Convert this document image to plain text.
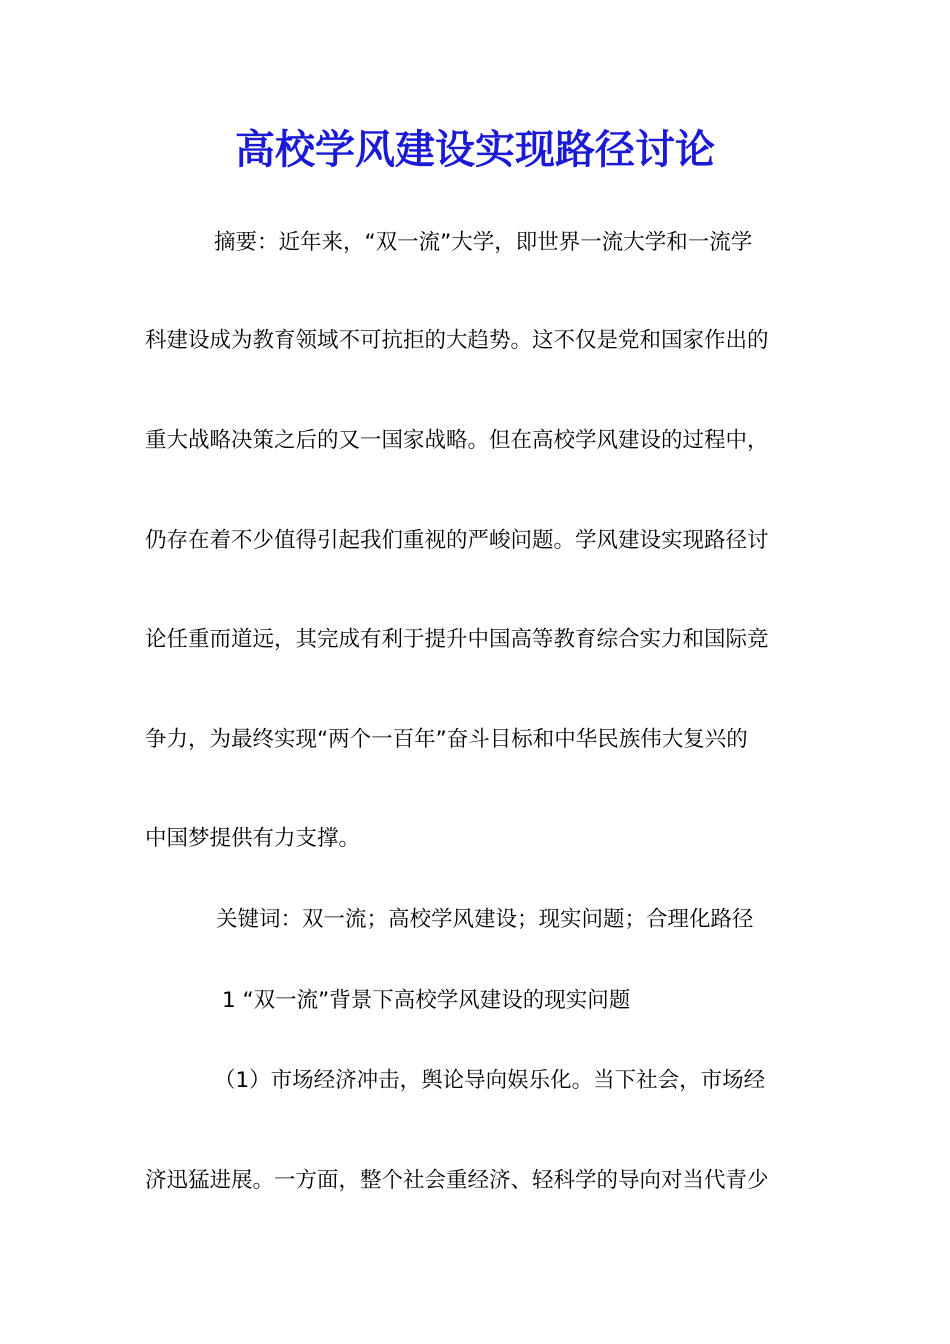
高校学风建设实现路径讨论
摘要：近年来，“双一流”大学，即世界一流大学和一流学
科建设成为教育领域不可抗拒的大趋势。这不仅是党和国家作出的
重大战略决策之后的又一国家战略。但在高校学风建设的过程中，
仍存在着不少值得引起我们重视的严峻问题。学风建设实现路径讨
论任重而道远，其完成有利于提升中国高等教育综合实力和国际竞
争力，为最终实现“两个一百年”奋斗目标和中华民族伟大复兴的
中国梦提供有力支撑。
关键词：双一流；高校学风建设；现实问题；合理化路径
1 “双一流”背景下高校学风建设的现实问题
（1）市场经济冲击，舆论导向娱乐化。当下社会，市场经
济迅猛进展。一方面，整个社会重经济、轻科学的导向对当代青少
